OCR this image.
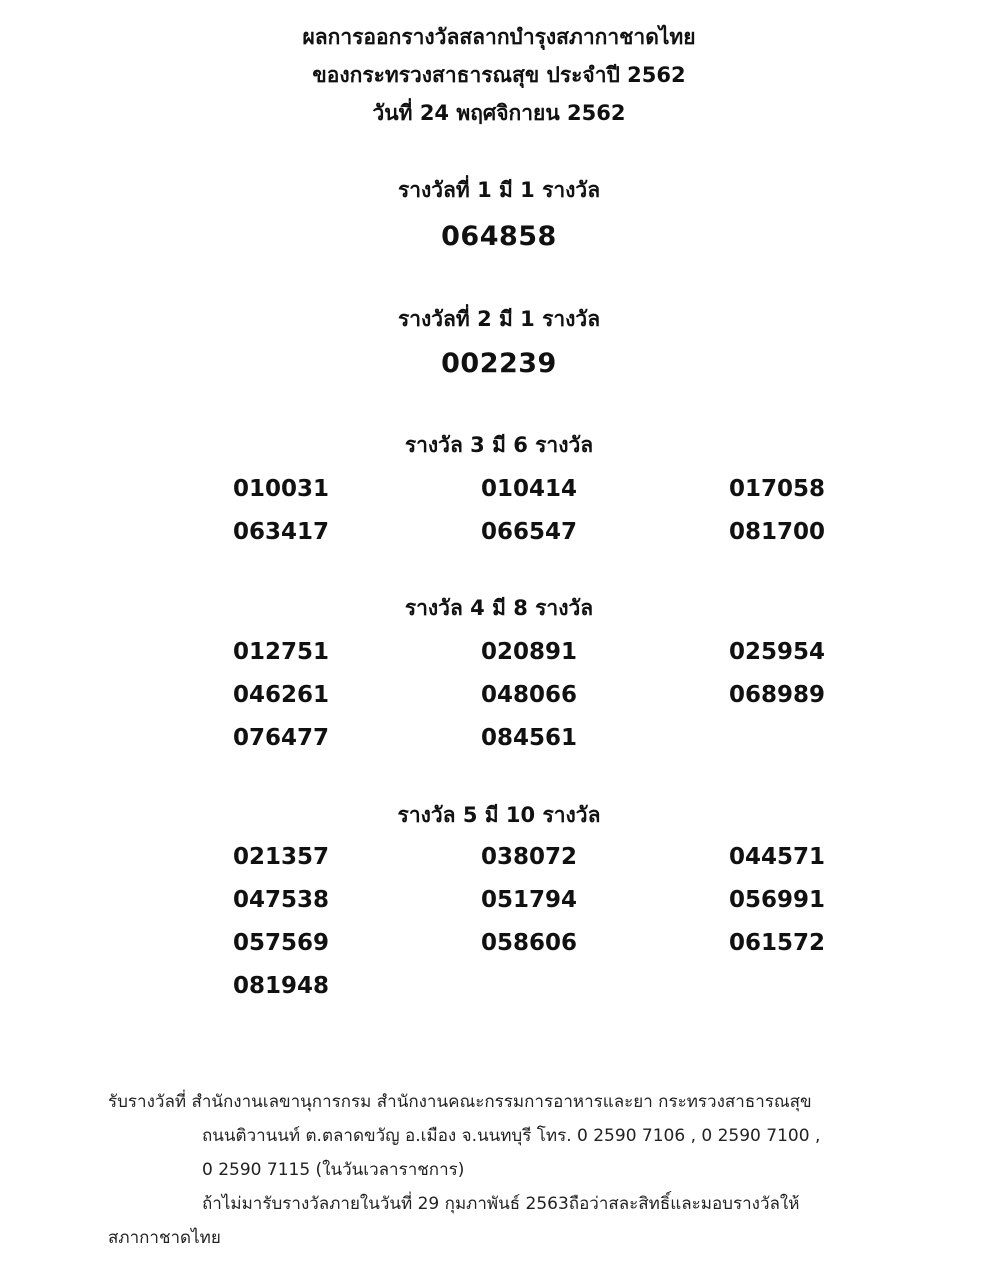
ผลการออกรางวัลสลากบำรุงสภากาชาดไทย
ของกระทรวงสาธารณสุข ประจำปี 2562
วันที่ 24 พฤศจิกายน 2562
รางวัลที่ 1 มี 1 รางวัล
064858
รางวัลที่ 2 มี 1 รางวัล
002239
รางวัล 3 มี 6 รางวัล
010031	010414	017058
063417	066547	081700
รางวัล 4 มี 8 รางวัล
012751	020891	025954
046261	048066	068989
076477	084561
รางวัล 5 มี 10 รางวัล
021357	038072	044571
047538	051794	056991
057569	058606	061572
081948
รับรางวัลที่ สำนักงานเลขานุการกรม สำนักงานคณะกรรมการอาหารและยา กระทรวงสาธารณสุข
ถนนติวานนท์ ต.ตลาดขวัญ อ.เมือง จ.นนทบุรี โทร. 0 2590 7106 , 0 2590 7100 ,
0 2590 7115 (ในวันเวลาราชการ)
ถ้าไม่มารับรางวัลภายในวันที่ 29 กุมภาพันธ์ 2563ถือว่าสละสิทธิ์และมอบรางวัลให้
สภากาชาดไทย
